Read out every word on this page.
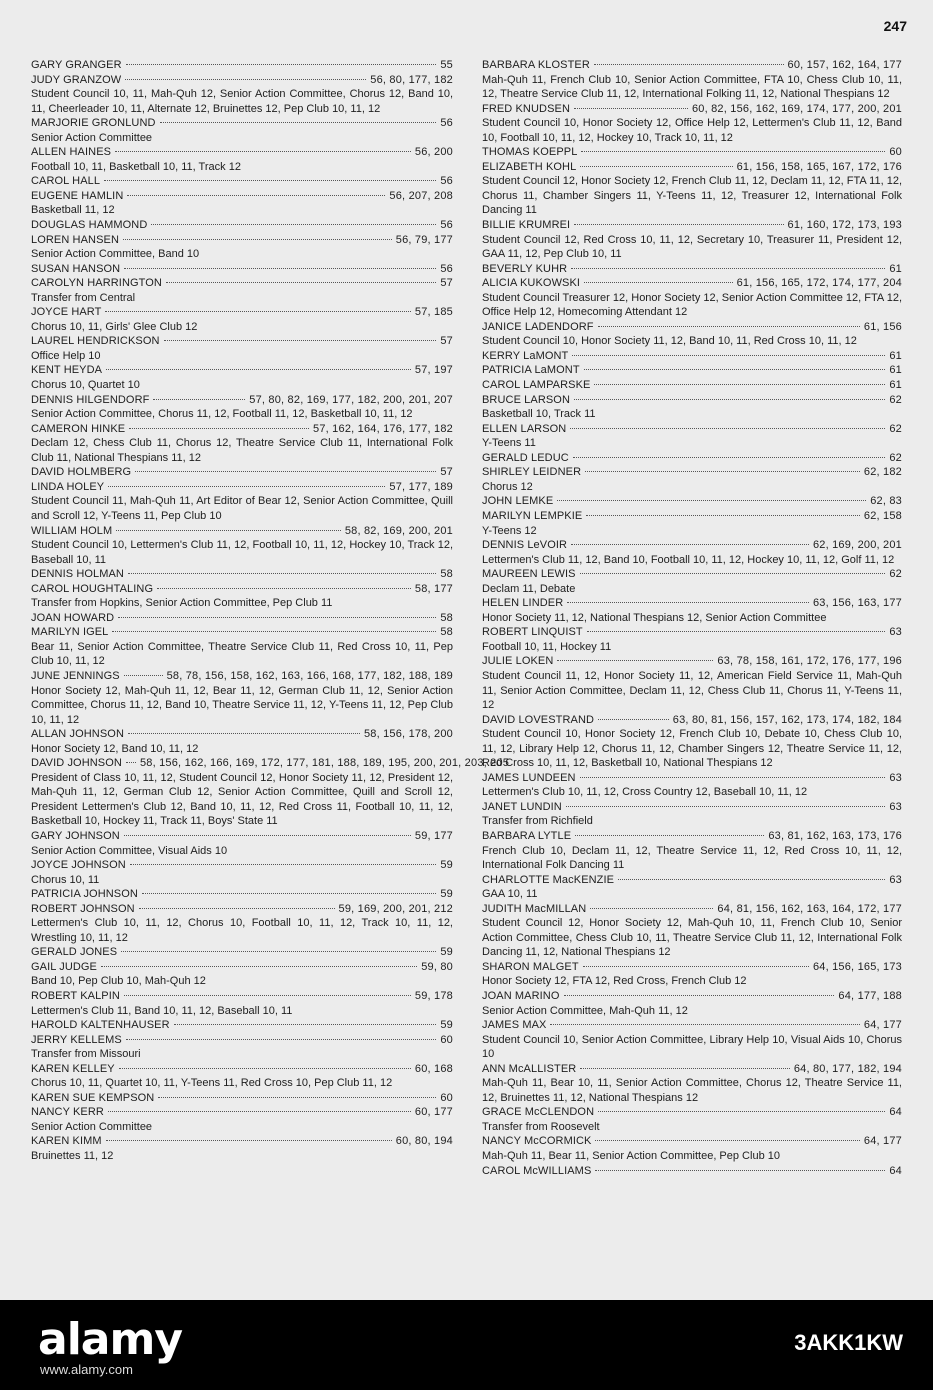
247
GARY GRANGER	55
JUDY GRANZOW	56, 80, 177, 182
Student Council 10, 11, Mah-Quh 12, Senior Action Committee, Chorus 12, Band 10, 11, Cheerleader 10, 11, Alternate 12, Bruinettes 12, Pep Club 10, 11, 12
MARJORIE GRONLUND	56
Senior Action Committee
ALLEN HAINES	56, 200
Football 10, 11, Basketball 10, 11, Track 12
CAROL HALL	56
EUGENE HAMLIN	56, 207, 208
Basketball 11, 12
DOUGLAS HAMMOND	56
LOREN HANSEN	56, 79, 177
Senior Action Committee, Band 10
SUSAN HANSON	56
CAROLYN HARRINGTON	57
Transfer from Central
JOYCE HART	57, 185
Chorus 10, 11, Girls' Glee Club 12
LAUREL HENDRICKSON	57
Office Help 10
KENT HEYDA	57, 197
Chorus 10, Quartet 10
DENNIS HILGENDORF	57, 80, 82, 169, 177, 182, 200, 201, 207
Senior Action Committee, Chorus 11, 12, Football 11, 12, Basketball 10, 11, 12
CAMERON HINKE	57, 162, 164, 176, 177, 182
Declam 12, Chess Club 11, Chorus 12, Theatre Service Club 11, International Folk Club 11, National Thespians 11, 12
DAVID HOLMBERG	57
LINDA HOLEY	57, 177, 189
Student Council 11, Mah-Quh 11, Art Editor of Bear 12, Senior Action Committee, Quill and Scroll 12, Y-Teens 11, Pep Club 10
WILLIAM HOLM	58, 82, 169, 200, 201
Student Council 10, Lettermen's Club 11, 12, Football 10, 11, 12, Hockey 10, Track 12, Baseball 10, 11
DENNIS HOLMAN	58
CAROL HOUGHTALING	58, 177
Transfer from Hopkins, Senior Action Committee, Pep Club 11
JOAN HOWARD	58
MARILYN IGEL	58
Bear 11, Senior Action Committee, Theatre Service Club 11, Red Cross 10, 11, Pep Club 10, 11, 12
JUNE JENNINGS	58, 78, 156, 158, 162, 163, 166, 168, 177, 182, 188, 189
Honor Society 12, Mah-Quh 11, 12, Bear 11, 12, German Club 11, 12, Senior Action Committee, Chorus 11, 12, Band 10, Theatre Service 11, 12, Y-Teens 11, 12, Pep Club 10, 11, 12
ALLAN JOHNSON	58, 156, 178, 200
Honor Society 12, Band 10, 11, 12
DAVID JOHNSON 58, 156, 162, 166, 169, 172, 177, 181, 188, 189, 195, 200, 201, 203, 205
President of Class 10, 11, 12, Student Council 12, Honor Society 11, 12, President 12, Mah-Quh 11, 12, German Club 12, Senior Action Committee, Quill and Scroll 12, President Lettermen's Club 12, Band 10, 11, 12, Red Cross 11, Football 10, 11, 12, Basketball 10, Hockey 11, Track 11, Boys' State 11
GARY JOHNSON	59, 177
Senior Action Committee, Visual Aids 10
JOYCE JOHNSON	59
Chorus 10, 11
PATRICIA JOHNSON	59
ROBERT JOHNSON	59, 169, 200, 201, 212
Lettermen's Club 10, 11, 12, Chorus 10, Football 10, 11, 12, Track 10, 11, 12, Wrestling 10, 11, 12
GERALD JONES	59
GAIL JUDGE	59, 80
Band 10, Pep Club 10, Mah-Quh 12
ROBERT KALPIN	59, 178
Lettermen's Club 11, Band 10, 11, 12, Baseball 10, 11
HAROLD KALTENHAUSER	59
JERRY KELLEMS	60
Transfer from Missouri
KAREN KELLEY	60, 168
Chorus 10, 11, Quartet 10, 11, Y-Teens 11, Red Cross 10, Pep Club 11, 12
KAREN SUE KEMPSON	60
NANCY KERR	60, 177
Senior Action Committee
KAREN KIMM	60, 80, 194
Bruinettes 11, 12
BARBARA KLOSTER	60, 157, 162, 164, 177
Mah-Quh 11, French Club 10, Senior Action Committee, FTA 10, Chess Club 10, 11, 12, Theatre Service Club 11, 12, International Folking 11, 12, National Thespians 12
FRED KNUDSEN	60, 82, 156, 162, 169, 174, 177, 200, 201
Student Council 10, Honor Society 12, Office Help 12, Lettermen's Club 11, 12, Band 10, Football 10, 11, 12, Hockey 10, Track 10, 11, 12
THOMAS KOEPPL	60
ELIZABETH KOHL	61, 156, 158, 165, 167, 172, 176
Student Council 12, Honor Society 12, French Club 11, 12, Declam 11, 12, FTA 11, 12, Chorus 11, Chamber Singers 11, Y-Teens 11, 12, Treasurer 12, International Folk Dancing 11
BILLIE KRUMREI	61, 160, 172, 173, 193
Student Council 12, Red Cross 10, 11, 12, Secretary 10, Treasurer 11, President 12, GAA 11, 12, Pep Club 10, 11
BEVERLY KUHR	61
ALICIA KUKOWSKI	61, 156, 165, 172, 174, 177, 204
Student Council Treasurer 12, Honor Society 12, Senior Action Committee 12, FTA 12, Office Help 12, Homecoming Attendant 12
JANICE LADENDORF	61, 156
Student Council 10, Honor Society 11, 12, Band 10, 11, Red Cross 10, 11, 12
KERRY LaMONT	61
PATRICIA LaMONT	61
CAROL LAMPARSKE	61
BRUCE LARSON	62
Basketball 10, Track 11
ELLEN LARSON	62
Y-Teens 11
GERALD LEDUC	62
SHIRLEY LEIDNER	62, 182
Chorus 12
JOHN LEMKE	62, 83
MARILYN LEMPKIE	62, 158
Y-Teens 12
DENNIS LeVOIR	62, 169, 200, 201
Lettermen's Club 11, 12, Band 10, Football 10, 11, 12, Hockey 10, 11, 12, Golf 11, 12
MAUREEN LEWIS	62
Declam 11, Debate
HELEN LINDER	63, 156, 163, 177
Honor Society 11, 12, National Thespians 12, Senior Action Committee
ROBERT LINQUIST	63
Football 10, 11, Hockey 11
JULIE LOKEN	63, 78, 158, 161, 172, 176, 177, 196
Student Council 11, 12, Honor Society 11, 12, American Field Service 11, Mah-Quh 11, Senior Action Committee, Declam 11, 12, Chess Club 11, Chorus 11, Y-Teens 11, 12
DAVID LOVESTRAND	63, 80, 81, 156, 157, 162, 173, 174, 182, 184
Student Council 10, Honor Society 12, French Club 10, Debate 10, Chess Club 10, 11, 12, Library Help 12, Chorus 11, 12, Chamber Singers 12, Theatre Service 11, 12, Red Cross 10, 11, 12, Basketball 10, National Thespians 12
JAMES LUNDEEN	63
Lettermen's Club 10, 11, 12, Cross Country 12, Baseball 10, 11, 12
JANET LUNDIN	63
Transfer from Richfield
BARBARA LYTLE	63, 81, 162, 163, 173, 176
French Club 10, Declam 11, 12, Theatre Service 11, 12, Red Cross 10, 11, 12, International Folk Dancing 11
CHARLOTTE MacKENZIE	63
GAA 10, 11
JUDITH MacMILLAN	64, 81, 156, 162, 163, 164, 172, 177
Student Council 12, Honor Society 12, Mah-Quh 10, 11, French Club 10, Senior Action Committee, Chess Club 10, 11, Theatre Service Club 11, 12, International Folk Dancing 11, 12, National Thespians 12
SHARON MALGET	64, 156, 165, 173
Honor Society 12, FTA 12, Red Cross, French Club 12
JOAN MARINO	64, 177, 188
Senior Action Committee, Mah-Quh 11, 12
JAMES MAX	64, 177
Student Council 10, Senior Action Committee, Library Help 10, Visual Aids 10, Chorus 10
ANN McALLISTER	64, 80, 177, 182, 194
Mah-Quh 11, Bear 10, 11, Senior Action Committee, Chorus 12, Theatre Service 11, 12, Bruinettes 11, 12, National Thespians 12
GRACE McCLENDON	64
Transfer from Roosevelt
NANCY McCORMICK	64, 177
Mah-Quh 11, Bear 11, Senior Action Committee, Pep Club 10
CAROL McWILLIAMS	64
alamy
www.alamy.com
3AKK1KW
